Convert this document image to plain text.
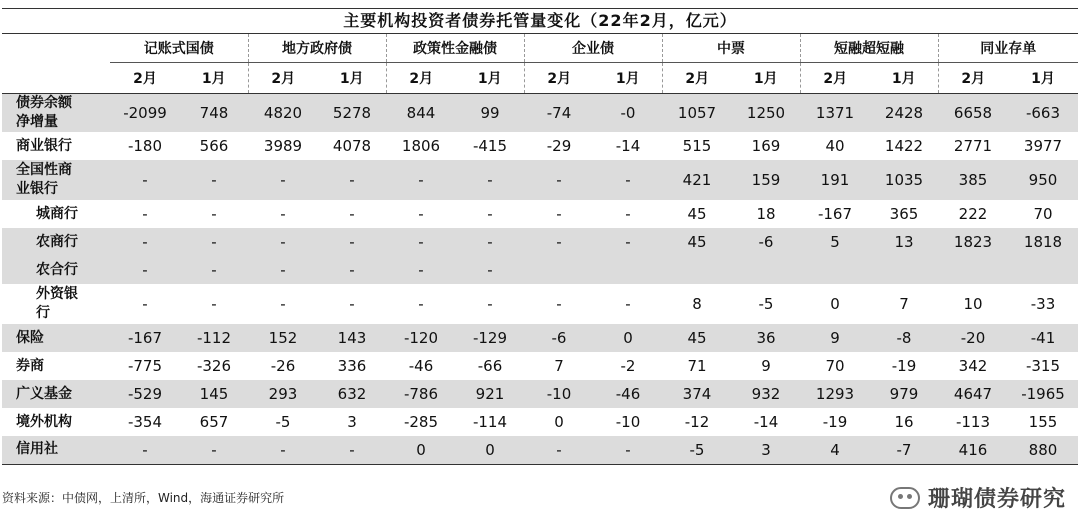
主要机构投资者债券托管量变化（22年2月，亿元）
	记账式国债		地方政府债		政策性金融债		企业债		中票		短融超短融		同业存单	
	2月	1月	2月	1月	2月	1月	2月	1月	2月	1月	2月	1月	2月	1月
债券余额净增量	-2099	748	4820	5278	844	99	-74	-0	1057	1250	1371	2428	6658	-663
商业银行	-180	566	3989	4078	1806	-415	-29	-14	515	169	40	1422	2771	3977
全国性商业银行	-	-	-	-	-	-	-	-	421	159	191	1035	385	950
城商行	-	-	-	-	-	-	-	-	45	18	-167	365	222	70
农商行	-	-	-	-	-	-	-	-	45	-6	5	13	1823	1818
农合行	-	-	-	-	-	-								
外资银行	-	-	-	-	-	-	-	-	8	-5	0	7	10	-33
保险	-167	-112	152	143	-120	-129	-6	0	45	36	9	-8	-20	-41
券商	-775	-326	-26	336	-46	-66	7	-2	71	9	70	-19	342	-315
广义基金	-529	145	293	632	-786	921	-10	-46	374	932	1293	979	4647	-1965
境外机构	-354	657	-5	3	-285	-114	0	-10	-12	-14	-19	16	-113	155
信用社	-	-	-	-	0	0	-	-	-5	3	4	-7	416	880
资料来源：中债网，上清所，Wind，海通证券研究所	珊瑚债券研究
